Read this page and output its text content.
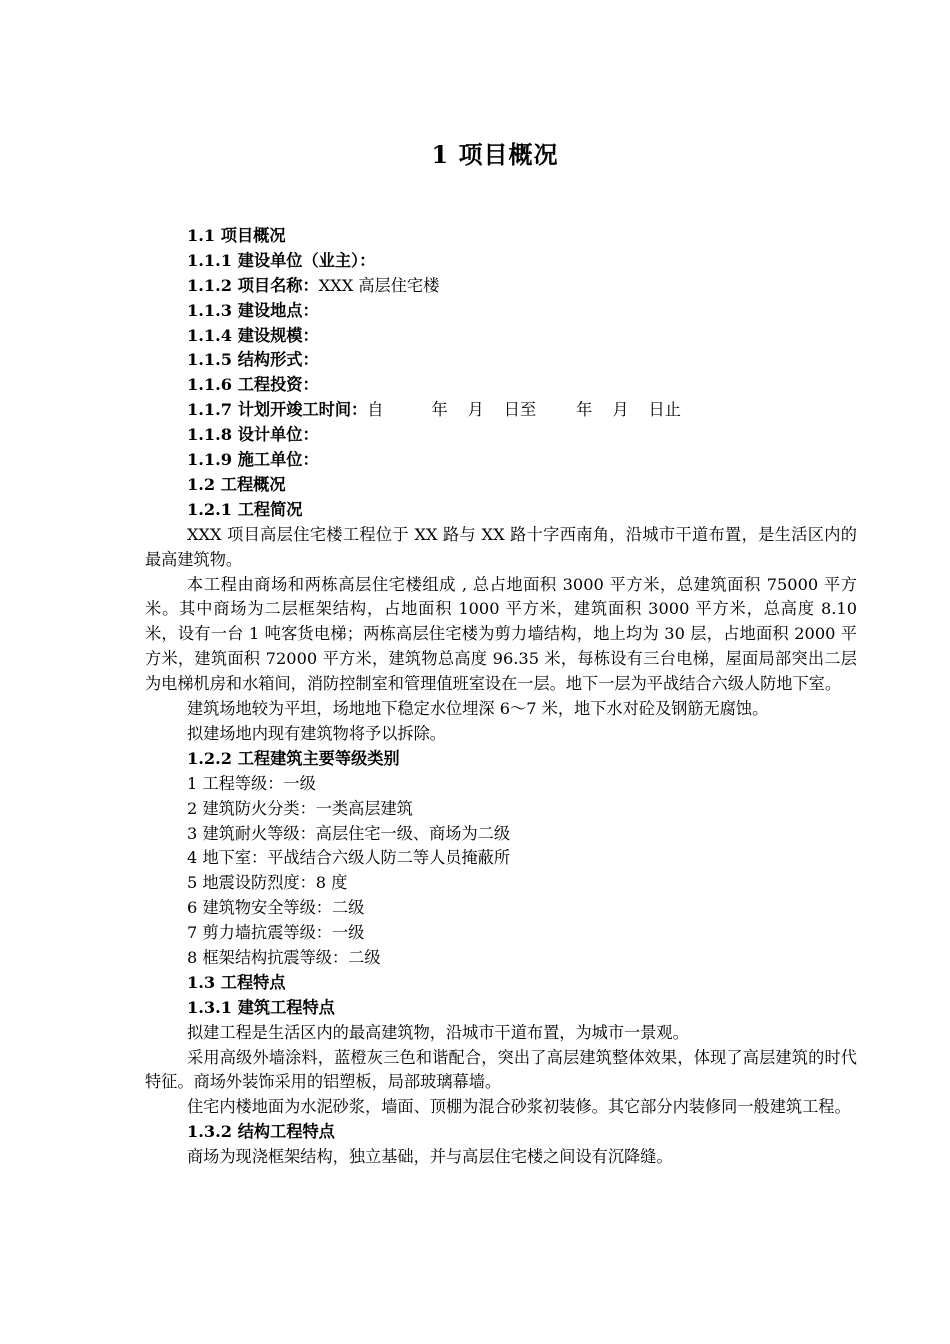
1 项目概况
1.1 项目概况
1.1.1 建设单位（业主）：
1.1.2 项目名称：XXX 高层住宅楼
1.1.3 建设地点：
1.1.4 建设规模：
1.1.5 结构形式：
1.1.6 工程投资：
1.1.7 计划开竣工时间：自	年 月 日至 年 月 日止
1.1.8 设计单位：
1.1.9 施工单位：
1.2 工程概况
1.2.1 工程简况
XXX 项目高层住宅楼工程位于 XX 路与 XX 路十字西南角，沿城市干道布置，是生活区内的最高建筑物。
本工程由商场和两栋高层住宅楼组成 , 总占地面积 3000 平方米，总建筑面积 75000 平方米。其中商场为二层框架结构，占地面积 1000 平方米，建筑面积 3000 平方米，总高度 8.10 米，设有一台 1 吨客货电梯；两栋高层住宅楼为剪力墙结构，地上均为 30 层，占地面积 2000 平方米，建筑面积 72000 平方米，建筑物总高度 96.35 米，每栋设有三台电梯，屋面局部突出二层为电梯机房和水箱间，消防控制室和管理值班室设在一层。地下一层为平战结合六级人防地下室。
建筑场地较为平坦，场地地下稳定水位埋深 6～7 米，地下水对砼及钢筋无腐蚀。
拟建场地内现有建筑物将予以拆除。
1.2.2 工程建筑主要等级类别
1 工程等级：一级
2 建筑防火分类：一类高层建筑
3 建筑耐火等级：高层住宅一级、商场为二级
4 地下室：平战结合六级人防二等人员掩蔽所
5 地震设防烈度：8 度
6 建筑物安全等级：二级
7 剪力墙抗震等级：一级
8 框架结构抗震等级：二级
1.3 工程特点
1.3.1 建筑工程特点
拟建工程是生活区内的最高建筑物，沿城市干道布置，为城市一景观。
采用高级外墙涂料，蓝橙灰三色和谐配合，突出了高层建筑整体效果，体现了高层建筑的时代特征。商场外装饰采用的铝塑板，局部玻璃幕墙。
住宅内楼地面为水泥砂浆，墙面、顶棚为混合砂浆初装修。其它部分内装修同一般建筑工程。
1.3.2 结构工程特点
商场为现浇框架结构，独立基础，并与高层住宅楼之间设有沉降缝。
